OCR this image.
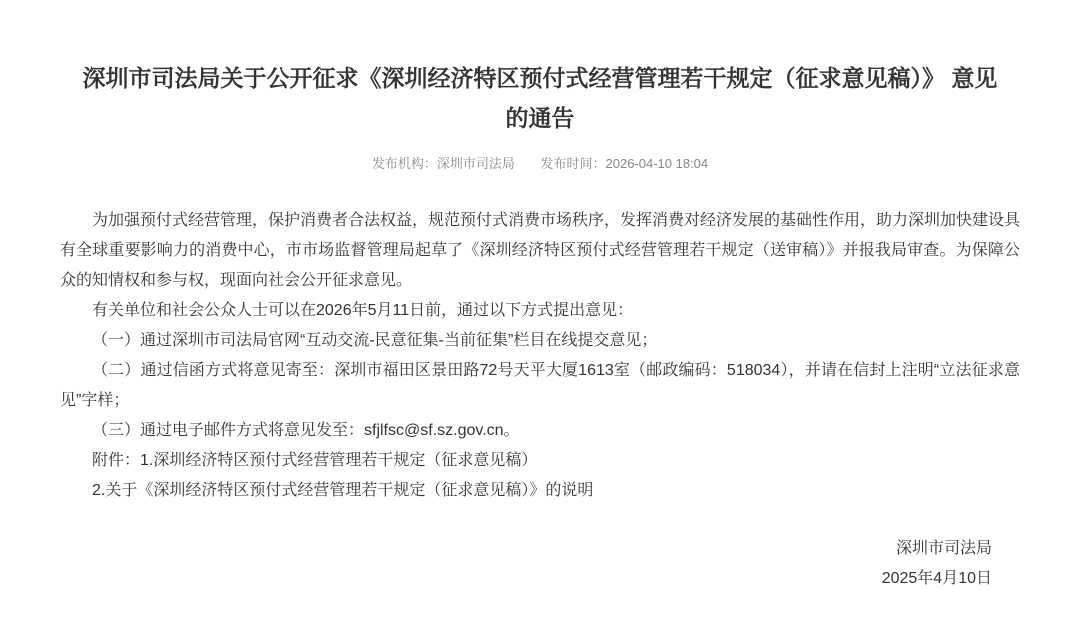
深圳市司法局关于公开征求《深圳经济特区预付式经营管理若干规定（征求意见稿）》 意见的通告
发布机构：深圳市司法局 发布时间：2026-04-10 18:04

为加强预付式经营管理，保护消费者合法权益，规范预付式消费市场秩序，发挥消费对经济发展的基础性作用，助力深圳加快建设具有全球重要影响力的消费中心，市市场监督管理局起草了《深圳经济特区预付式经营管理若干规定（送审稿）》并报我局审查。为保障公众的知情权和参与权，现面向社会公开征求意见。

有关单位和社会公众人士可以在2026年5月11日前，通过以下方式提出意见：

（一）通过深圳市司法局官网“互动交流-民意征集-当前征集”栏目在线提交意见；

（二）通过信函方式将意见寄至：深圳市福田区景田路72号天平大厦1613室（邮政编码：518034），并请在信封上注明“立法征求意见”字样；

（三）通过电子邮件方式将意见发至：sfjlfsc@sf.sz.gov.cn。

附件：1.深圳经济特区预付式经营管理若干规定（征求意见稿）

2.关于《深圳经济特区预付式经营管理若干规定（征求意见稿）》的说明

深圳市司法局
2025年4月10日
